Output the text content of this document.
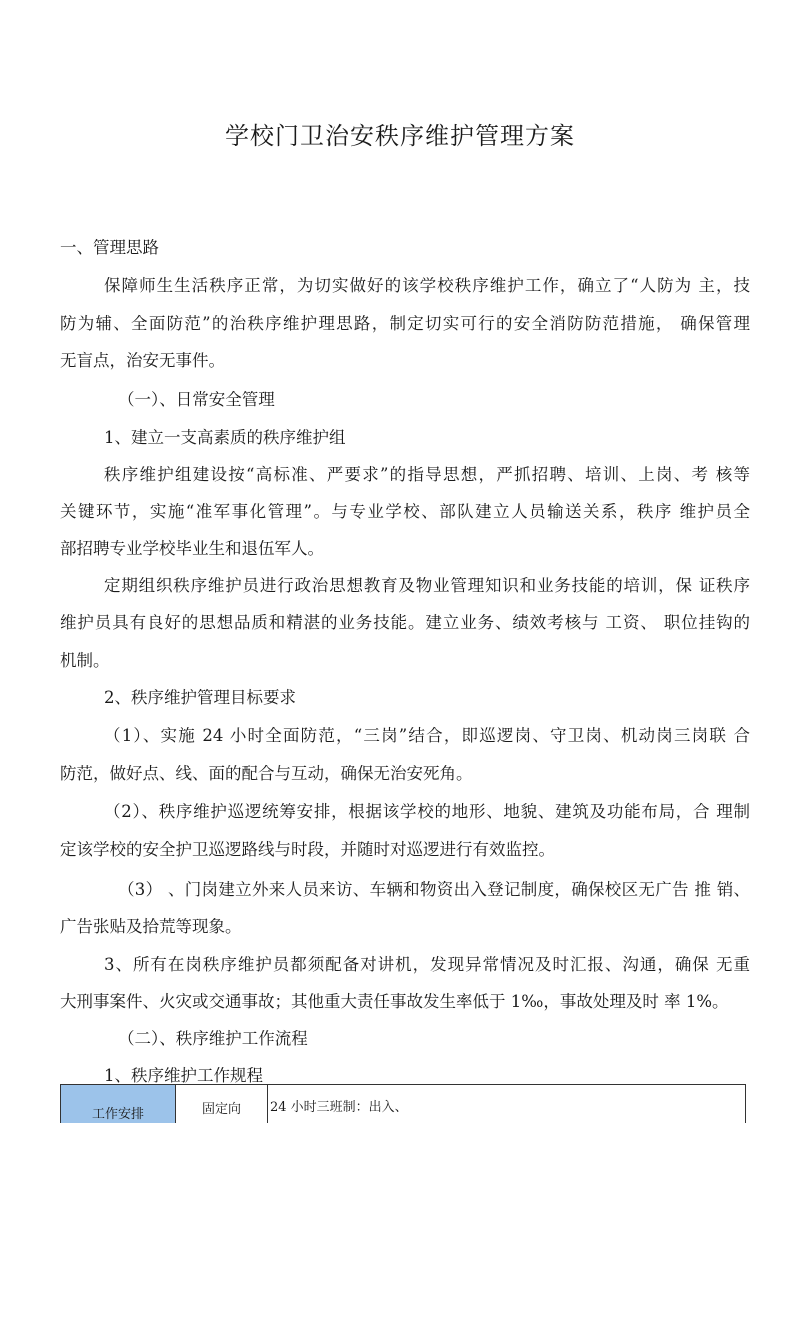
学校门卫治安秩序维护管理方案
一、管理思路
保障师生生活秩序正常，为切实做好的该学校秩序维护工作，确立了“人防为 主，技
防为辅、全面防范”的治秩序维护理思路，制定切实可行的安全消防防范措施， 确保管理
无盲点，治安无事件。
（一）、日常安全管理
1、建立一支高素质的秩序维护组
秩序维护组建设按“高标准、严要求”的指导思想，严抓招聘、培训、上岗、考 核等
关键环节，实施“准军事化管理”。与专业学校、部队建立人员输送关系，秩序 维护员全
部招聘专业学校毕业生和退伍军人。
定期组织秩序维护员进行政治思想教育及物业管理知识和业务技能的培训，保 证秩序
维护员具有良好的思想品质和精湛的业务技能。建立业务、绩效考核与 工资、 职位挂钩的
机制。
2、秩序维护管理目标要求
（1）、实施 24 小时全面防范，“三岗”结合，即巡逻岗、守卫岗、机动岗三岗联 合
防范，做好点、线、面的配合与互动，确保无治安死角。
（2）、秩序维护巡逻统筹安排，根据该学校的地形、地貌、建筑及功能布局，合 理制
定该学校的安全护卫巡逻路线与时段，并随时对巡逻进行有效监控。
（3） 、门岗建立外来人员来访、车辆和物资出入登记制度，确保校区无广告 推 销、
广告张贴及拾荒等现象。
3、所有在岗秩序维护员都须配备对讲机，发现异常情况及时汇报、沟通，确保 无重
大刑事案件、火灾或交通事故；其他重大责任事故发生率低于 1‰，事故处理及时 率 1%。
（二）、秩序维护工作流程
1、秩序维护工作规程
工作安排	固定向 24 小时三班制：出入、
